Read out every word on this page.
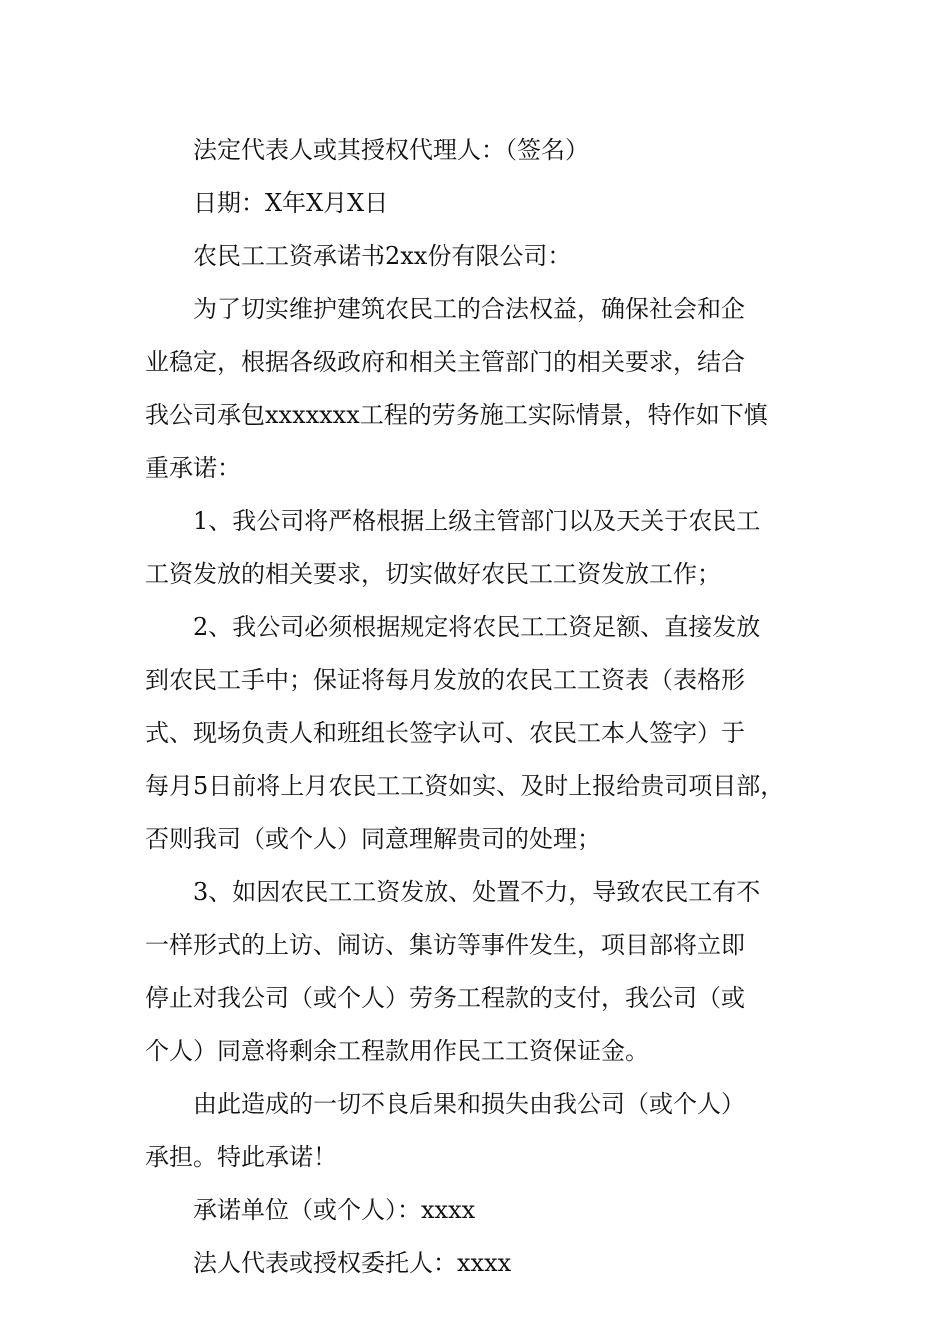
法定代表人或其授权代理人：（签名）

日期：X年X月X日

农民工工资承诺书2xx份有限公司：

为了切实维护建筑农民工的合法权益，确保社会和企

业稳定，根据各级政府和相关主管部门的相关要求，结合

我公司承包xxxxxxx工程的劳务施工实际情景，特作如下慎

重承诺：

1、我公司将严格根据上级主管部门以及天关于农民工

工资发放的相关要求，切实做好农民工工资发放工作；

2、我公司必须根据规定将农民工工资足额、直接发放

到农民工手中；保证将每月发放的农民工工资表（表格形

式、现场负责人和班组长签字认可、农民工本人签字）于

每月5日前将上月农民工工资如实、及时上报给贵司项目部，

否则我司（或个人）同意理解贵司的处理；

3、如因农民工工资发放、处置不力，导致农民工有不

一样形式的上访、闹访、集访等事件发生，项目部将立即

停止对我公司（或个人）劳务工程款的支付，我公司（或

个人）同意将剩余工程款用作民工工资保证金。

由此造成的一切不良后果和损失由我公司（或个人）

承担。特此承诺！

承诺单位（或个人）：xxxx

法人代表或授权委托人：xxxx
